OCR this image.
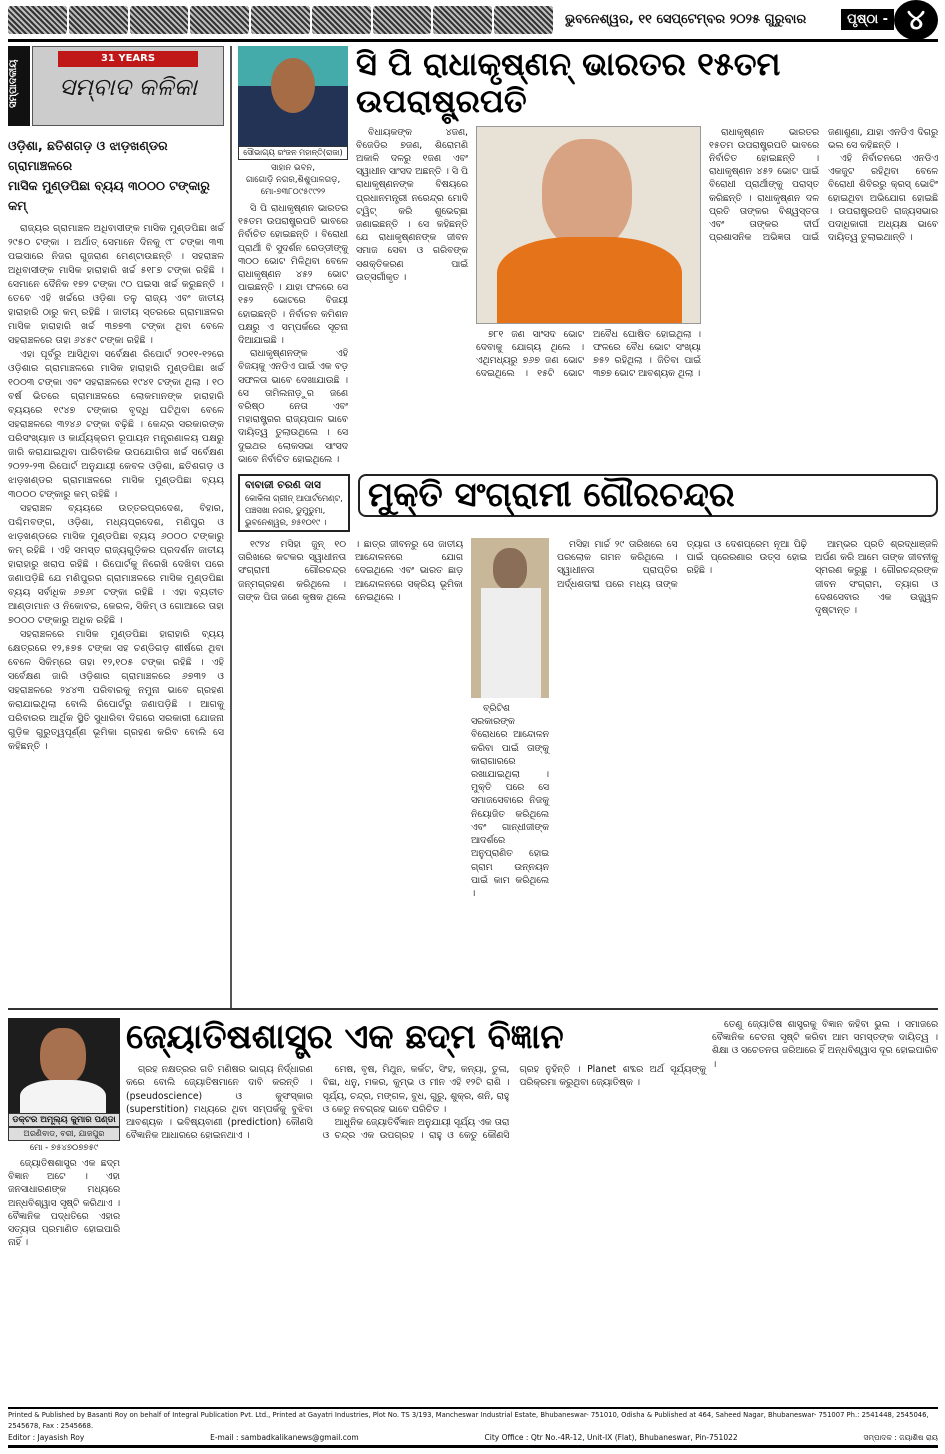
ଭୁବନେଶ୍ୱର, ୧୧ ସେପ୍ଟେମ୍ବର ୨୦୨୫ ଗୁରୁବାର	ପୃଷ୍ଠା - ୪
ସମ୍ପାଦକୀୟ
31 YEARS
ସମ୍ବାଦ କଳିକା
ଓଡ଼ିଶା, ଛତିଶଗଡ଼ ଓ ଝାଡ଼ଖଣ୍ଡର ଗ୍ରାମାଞ୍ଚଳରେ
ମାସିକ ମୁଣ୍ଡପିଛା ବ୍ୟୟ ୩୦୦୦ ଟଙ୍କାରୁ କମ୍

ରାଜ୍ୟର ଗ୍ରାମାଞ୍ଚଳ ଅଧିବାସୀଙ୍କ ମାସିକ ମୁଣ୍ଡପିଛା ଖର୍ଚ୍ଚ ୨୯୫୦ ଟଙ୍କା । ଅର୍ଥାତ୍ ସେମାନେ ଦିନକୁ ୯୮ ଟଙ୍କା ୩୩ ପଇସାରେ ନିଜର ଗୁଜରାଣ ମେଣ୍ଟାଉଛନ୍ତି । ସହରାଞ୍ଚଳ ଅଧିବାସୀଙ୍କ ମାସିକ ହାରାହାରି ଖର୍ଚ୍ଚ ୫୧୮୭ ଟଙ୍କା ରହିଛି । ସେମାନେ ଦୈନିକ ୧୭୨ ଟଙ୍କା ୯୦ ପଇସା ଖର୍ଚ୍ଚ କରୁଛନ୍ତି । ତେବେ ଏହି ଖର୍ଚ୍ଚରେ ଓଡ଼ିଶା ତଳୁ ରାଜ୍ୟ ଏବଂ ଜାତୀୟ ହାରାହାରି ଠାରୁ କମ୍ ରହିଛି । ଜାତୀୟ ସ୍ତରରେ ଗ୍ରାମାଞ୍ଚଳର ମାସିକ ହାରାହାରି ଖର୍ଚ୍ଚ ୩୭୭୩ ଟଙ୍କା ଥିବା ବେଳେ ସହରାଞ୍ଚଳରେ ତାହା ୬୪୫୯ ଟଙ୍କା ରହିଛି ।

ଏହା ପୂର୍ବରୁ ଆସିଥିବା ସର୍ବେକ୍ଷଣ ରିପୋର୍ଟ ୨୦୧୧-୧୨ରେ ଓଡ଼ିଶାର ଗ୍ରାମାଞ୍ଚଳରେ ମାସିକ ହାରାହାରି ମୁଣ୍ଡପିଛା ଖର୍ଚ୍ଚ ୧୦୦୩ ଟଙ୍କା ଏବଂ ସହରାଞ୍ଚଳରେ ୧୯୪୧ ଟଙ୍କା ଥିଲା । ୧୦ ବର୍ଷ ଭିତରେ ଗ୍ରାମାଞ୍ଚଳରେ ଲୋକମାନଙ୍କ ହାରାହାରି ବ୍ୟୟରେ ୧୯୪୭ ଟଙ୍କାର ବୃଦ୍ଧି ଘଟିଥିବା ବେଳେ ସହରାଞ୍ଚଳରେ ୩୨୪୬ ଟଙ୍କା ବଢ଼ିଛି । କେନ୍ଦ୍ର ସରକାରଙ୍କ ପରିସଂଖ୍ୟାନ ଓ କାର୍ଯ୍ୟକ୍ରମ ରୂପାୟନ ମନ୍ତ୍ରଣାଳୟ ପକ୍ଷରୁ ଜାରି କରାଯାଇଥିବା ପାରିବାରିକ ଉପଯୋଗିତା ଖର୍ଚ୍ଚ ସର୍ବେକ୍ଷଣ ୨୦୨୨-୨୩ ରିପୋର୍ଟ ଅନୁଯାୟୀ କେବଳ ଓଡ଼ିଶା, ଛତିଶଗଡ଼ ଓ ଝାଡ଼ଖଣ୍ଡର ଗ୍ରାମାଞ୍ଚଳରେ ମାସିକ ମୁଣ୍ଡପିଛା ବ୍ୟୟ ୩୦୦୦ ଟଙ୍କାରୁ କମ୍ ରହିଛି ।

ସହରାଞ୍ଚଳ ବ୍ୟୟରେ ଉତ୍ତରପ୍ରଦେଶ, ବିହାର, ପଶ୍ଚିମବଙ୍ଗ, ଓଡ଼ିଶା, ମଧ୍ୟପ୍ରଦେଶ, ମଣିପୁର ଓ ଝାଡ଼ଖଣ୍ଡରେ ମାସିକ ମୁଣ୍ଡପିଛା ବ୍ୟୟ ୬୦୦୦ ଟଙ୍କାରୁ କମ୍ ରହିଛି । ଏହି ସମସ୍ତ ରାଜ୍ୟଗୁଡ଼ିକର ପ୍ରଦର୍ଶନ ଜାତୀୟ ହାରାହାରୁ ଖରାପ ରହିଛି । ରିପୋର୍ଟକୁ ନିରେଖି ଦେଖିବା ପରେ ଜଣାପଡ଼ିଛି ଯେ ମଣିପୁରର ଗ୍ରାମାଞ୍ଚଳରେ ମାସିକ ମୁଣ୍ଡପିଛା ବ୍ୟୟ ସର୍ବାଧିକ ୬୭୬୮ ଟଙ୍କା ରହିଛି । ଏହା ବ୍ୟତୀତ ଆଣ୍ଡାମାନ ଓ ନିକୋବର, କେରଳ, ସିକିମ୍ ଓ ଗୋଆରେ ତାହା ୭୦୦୦ ଟଙ୍କାରୁ ଅଧିକ ରହିଛି ।

ସହରାଞ୍ଚଳରେ ମାସିକ ମୁଣ୍ଡପିଛା ହାରାହାରି ବ୍ୟୟ କ୍ଷେତ୍ରରେ ୧୨,୫୭୫ ଟଙ୍କା ସହ ଚଣ୍ଡିଗଡ଼ ଶୀର୍ଷରେ ଥିବା ବେଳେ ସିକିମ୍ରେ ତାହା ୧୨,୧୦୫ ଟଙ୍କା ରହିଛି । ଏହି ସର୍ବେକ୍ଷଣ ଜାରି ଓଡ଼ିଶାର ଗ୍ରାମାଞ୍ଚଳରେ ୬୭୩୨ ଓ ସହରାଞ୍ଚଳରେ ୨୪୪୩ ପରିବାରକୁ ନମୁନା ଭାବେ ଗ୍ରହଣ କରାଯାଇଥିଲା ବୋଲି ରିପୋର୍ଟରୁ ଜଣାପଡ଼ିଛି । ଆଗକୁ ପରିବାରର ଆର୍ଥିକ ସ୍ଥିତି ସୁଧାରିବା ଦିଗରେ ସରକାରୀ ଯୋଜନା ଗୁଡ଼ିକ ଗୁରୁତ୍ୱପୂର୍ଣ୍ଣ ଭୂମିକା ଗ୍ରହଣ କରିବ ବୋଲି ସେ କହିଛନ୍ତି ।

ସୌଭାଗ୍ୟ ରଂଜନ ମହାନ୍ତି(ରାଜା)
ସାହାନ ଭବନ,
ଗାଗୋଡ଼ି ନଗର,ଶିଶୁପାଳଗଡ଼,
ମୋ-୭୩୮୦୯୫୯୯୨୨

ସି ପି ରାଧାକୃଷ୍ଣନ ଭାରତର ୧୫ତମ ଉପରାଷ୍ଟ୍ରପତି ଭାବରେ ନିର୍ବାଚିତ ହୋଇଛନ୍ତି । ବିରୋଧୀ ପ୍ରାର୍ଥୀ ବି ସୁଦର୍ଶନ ରେଡ୍ଡୀଙ୍କୁ ୩୦୦ ଭୋଟ ମିଳିଥିବା ବେଳେ ରାଧାକୃଷ୍ଣନ ୪୫୨ ଭୋଟ ପାଇଛନ୍ତି । ଯାହା ଫଳରେ ସେ ୧୫୨ ଭୋଟରେ ବିଜୟୀ ହୋଇଛନ୍ତି । ନିର୍ବାଚନ କମିଶନ ପକ୍ଷରୁ ଏ ସମ୍ପର୍କରେ ସୂଚନା ଦିଆଯାଇଛି ।

ରାଧାକୃଷ୍ଣନଙ୍କ ଏହି ବିଜୟକୁ ଏନଡିଏ ପାଇଁ ଏକ ବଡ଼ ସଫଳତା ଭାବେ ଦେଖାଯାଉଛି । ସେ ତାମିଲନାଡ଼ୁର ଜଣେ ବରିଷ୍ଠ ନେତା ଏବଂ ମହାରାଷ୍ଟ୍ରର ରାଜ୍ୟପାଳ ଭାବେ ଦାୟିତ୍ୱ ତୁଲାଉଥିଲେ । ସେ ଦୁଇଥର ଲୋକସଭା ସାଂସଦ ଭାବେ ନିର୍ବାଚିତ ହୋଇଥିଲେ ।

ସି ପି ରାଧାକୃଷ୍ଣନ୍ ଭାରତର ୧୫ତମ ଉପରାଷ୍ଟ୍ରପତି

ବିଧାୟକଙ୍କ ୪ଜଣ, ବିଜେଡିର ୭ଜଣ, ଶିରୋମଣି ଅକାଳି ଦଳରୁ ୧ଜଣ ଏବଂ ସ୍ୱାଧୀନ ସାଂସଦ ଅଛନ୍ତି । ସି ପି ରାଧାକୃଷ୍ଣନଙ୍କ ବିଷୟରେ ପ୍ରଧାନମନ୍ତ୍ରୀ ନରେନ୍ଦ୍ର ମୋଦି ଟ୍ୱିଟ୍ କରି ଶୁଭେଚ୍ଛା ଜଣାଇଛନ୍ତି । ସେ କହିଛନ୍ତି ଯେ ରାଧାକୃଷ୍ଣନଙ୍କ ଜୀବନ ସମାଜ ସେବା ଓ ଗରିବଙ୍କ ସଶକ୍ତିକରଣ ପାଇଁ ଉତ୍ସର୍ଗୀକୃତ ।

୭୮୧ ଜଣ ସାଂସଦ ଭୋଟ ଦେବାକୁ ଯୋଗ୍ୟ ଥିଲେ । ଏଥିମଧ୍ୟରୁ ୭୬୭ ଜଣ ଭୋଟ ଦେଇଥିଲେ । ୧୫ଟି ଭୋଟ ଅବୈଧ ଘୋଷିତ ହୋଇଥିଲା । ଫଳରେ ବୈଧ ଭୋଟ ସଂଖ୍ୟା ୭୫୨ ରହିଥିଲା । ଜିତିବା ପାଇଁ ୩୭୭ ଭୋଟ ଆବଶ୍ୟକ ଥିଲା ।

ରାଧାକୃଷ୍ଣନ ଭାରତର ୧୫ତମ ଉପରାଷ୍ଟ୍ରପତି ଭାବରେ ନିର୍ବାଚିତ ହୋଇଛନ୍ତି । ରାଧାକୃଷ୍ଣନ ୪୫୨ ଭୋଟ ପାଇଁ ବିରୋଧୀ ପ୍ରାର୍ଥୀଙ୍କୁ ପରାସ୍ତ କରିଛନ୍ତି । ରାଧାକୃଷ୍ଣନ ଦଳ ପ୍ରତି ତାଙ୍କର ବିଶ୍ୱସ୍ତତା ଏବଂ ତାଙ୍କର ଦୀର୍ଘ ପ୍ରଶାସନିକ ଅଭିଜ୍ଞତା ପାଇଁ ଜଣାଶୁଣା, ଯାହା ଏନଡିଏ ଦିଗରୁ ଭଲ ସେ କହିଛନ୍ତି ।

ଏହି ନିର୍ବାଚନରେ ଏନଡିଏ ଏକଜୁଟ ରହିଥିବା ବେଳେ ବିରୋଧୀ ଶିବିରରୁ କ୍ରସ୍ ଭୋଟିଂ ହୋଇଥିବା ଅଭିଯୋଗ ହୋଇଛି । ଉପରାଷ୍ଟ୍ରପତି ରାଜ୍ୟସଭାର ପଦାଧିକାରୀ ଅଧ୍ୟକ୍ଷ ଭାବେ ଦାୟିତ୍ୱ ତୁଲାଇଥାନ୍ତି ।

ବାବାଜୀ ଚରଣ ଦାସ
କୋକିଳା ଗ୍ରୀନ୍ ଆପାର୍ଟମେଣ୍ଟ,
ପଞ୍ଚସଖା ନଗର, ଡୁମୁଡୁମା,
ଭୁବନେଶ୍ୱର, ୭୫୧୦୧୯ ।
ମୁକ୍ତି ସଂଗ୍ରାମୀ ଗୌରଚନ୍ଦ୍ର

୧୯୨୪ ମସିହା ଜୁନ୍ ୧୦ ତାରିଖରେ କଟକର ସ୍ୱାଧୀନତା ସଂଗ୍ରାମୀ ଗୌରଚନ୍ଦ୍ର ଜନ୍ମଗ୍ରହଣ କରିଥିଲେ । ତାଙ୍କ ପିତା ଜଣେ କୃଷକ ଥିଲେ । ଛାତ୍ର ଜୀବନରୁ ସେ ଜାତୀୟ ଆନ୍ଦୋଳନରେ ଯୋଗ ଦେଇଥିଲେ ଏବଂ ଭାରତ ଛାଡ଼ ଆନ୍ଦୋଳନରେ ସକ୍ରିୟ ଭୂମିକା ନେଇଥିଲେ ।

ବ୍ରିଟିଶ ସରକାରଙ୍କ ବିରୋଧରେ ଆନ୍ଦୋଳନ କରିବା ପାଇଁ ତାଙ୍କୁ କାରାଗାରରେ ରଖାଯାଇଥିଲା । ମୁକ୍ତି ପରେ ସେ ସମାଜସେବାରେ ନିଜକୁ ନିୟୋଜିତ କରିଥିଲେ ଏବଂ ଗାନ୍ଧୀଜୀଙ୍କ ଆଦର୍ଶରେ ଅନୁପ୍ରାଣିତ ହୋଇ ଗ୍ରାମ ଉନ୍ନୟନ ପାଇଁ କାମ କରିଥିଲେ ।

ମସିହା ମାର୍ଚ୍ଚ ୨୯ ତାରିଖରେ ସେ ପରଲୋକ ଗମନ କରିଥିଲେ । ସ୍ୱାଧୀନତା ପ୍ରାପ୍ତିର ଅର୍ଦ୍ଧଶତାବ୍ଦୀ ପରେ ମଧ୍ୟ ତାଙ୍କ ତ୍ୟାଗ ଓ ଦେଶପ୍ରେମ ନୂଆ ପିଢ଼ି ପାଇଁ ପ୍ରେରଣାର ଉତ୍ସ ହୋଇ ରହିଛି ।

ଆମ୍ଭର ପ୍ରତି ଶ୍ରଦ୍ଧାଞ୍ଜଳି ଅର୍ପଣ କରି ଆମେ ତାଙ୍କ ଜୀବନୀକୁ ସ୍ମରଣ କରୁଛୁ । ଗୌରଚନ୍ଦ୍ରଙ୍କ ଜୀବନ ସଂଗ୍ରାମ, ତ୍ୟାଗ ଓ ଦେଶସେବାର ଏକ ଉଜ୍ଜ୍ୱଳ ଦୃଷ୍ଟାନ୍ତ ।

ଡକ୍ଟର ଅମୂଲ୍ୟ କୁମାର ପଣ୍ଡା
ଅରଣିବାଡ, ବରୀ, ଯାଜପୁର
ମୋ - ୭୫୪୭୦୭୭୫୯

ଜ୍ୟୋତିଷଶାସ୍ତ୍ର ଏକ ଛଦ୍ମ ବିଜ୍ଞାନ ଅଟେ । ଏହା ଜନସାଧାରଣଙ୍କ ମଧ୍ୟରେ ଅନ୍ଧବିଶ୍ୱାସ ସୃଷ୍ଟି କରିଥାଏ । ବୈଜ୍ଞାନିକ ପଦ୍ଧତିରେ ଏହାର ସତ୍ୟତା ପ୍ରମାଣିତ ହୋଇପାରି ନାହିଁ ।

ଜ୍ୟୋତିଷଶାସ୍ତ୍ର ଏକ ଛଦ୍ମ ବିଜ୍ଞାନ

ଗ୍ରହ ନକ୍ଷତ୍ରର ଗତି ମଣିଷର ଭାଗ୍ୟ ନିର୍ଦ୍ଧାରଣ କରେ ବୋଲି ଜ୍ୟୋତିଷମାନେ ଦାବି କରନ୍ତି । (pseudoscience) ଓ କୁସଂସ୍କାର (superstition) ମଧ୍ୟରେ ଥିବା ସମ୍ପର୍କକୁ ବୁଝିବା ଆବଶ୍ୟକ । ଭବିଷ୍ୟବାଣୀ (prediction) କୌଣସି ବୈଜ୍ଞାନିକ ଆଧାରରେ ହୋଇନଥାଏ ।

ମେଷ, ବୃଷ, ମିଥୁନ, କର୍କଟ, ସିଂହ, କନ୍ୟା, ତୁଳା, ବିଛା, ଧନୁ, ମକର, କୁମ୍ଭ ଓ ମୀନ ଏହି ୧୨ଟି ରାଶି । ସୂର୍ଯ୍ୟ, ଚନ୍ଦ୍ର, ମଙ୍ଗଳ, ବୁଧ, ଗୁରୁ, ଶୁକ୍ର, ଶନି, ରାହୁ ଓ କେତୁ ନବଗ୍ରହ ଭାବେ ପରିଚିତ ।

ଆଧୁନିକ ଜ୍ୟୋତିର୍ବିଜ୍ଞାନ ଅନୁଯାୟୀ ସୂର୍ଯ୍ୟ ଏକ ତାରା ଓ ଚନ୍ଦ୍ର ଏକ ଉପଗ୍ରହ । ରାହୁ ଓ କେତୁ କୌଣସି ଗ୍ରହ ନୁହଁନ୍ତି । Planet ଶବ୍ଦର ଅର୍ଥ ସୂର୍ଯ୍ୟଙ୍କୁ ପରିକ୍ରମା କରୁଥିବା ଜ୍ୟୋତିଷ୍କ ।

ତେଣୁ ଜ୍ୟୋତିଷ ଶାସ୍ତ୍ରକୁ ବିଜ୍ଞାନ କହିବା ଭୁଲ । ସମାଜରେ ବୈଜ୍ଞାନିକ ଚେତନା ସୃଷ୍ଟି କରିବା ଆମ ସମସ୍ତଙ୍କ ଦାୟିତ୍ୱ । ଶିକ୍ଷା ଓ ସଚେତନତା ଜରିଆରେ ହିଁ ଅନ୍ଧବିଶ୍ୱାସ ଦୂର ହୋଇପାରିବ ।

Printed & Published by Basanti Roy on behalf of Integral Publication Pvt. Ltd., Printed at Gayatri Industries, Plot No. TS 3/193, Mancheswar Industrial Estate, Bhubaneswar- 751010, Odisha & Published at 464, Saheed Nagar, Bhubaneswar- 751007 Ph.: 2541448, 2545046, 2545678, Fax : 2545668.
Editor : Jayasish Roy	E-mail : sambadkalikanews@gmail.com	City Office : Qtr No.-4R-12, Unit-IX (Flat), Bhubaneswar, Pin-751022	ସମ୍ପାଦକ : ଜୟାଶିଷ ରାୟ
